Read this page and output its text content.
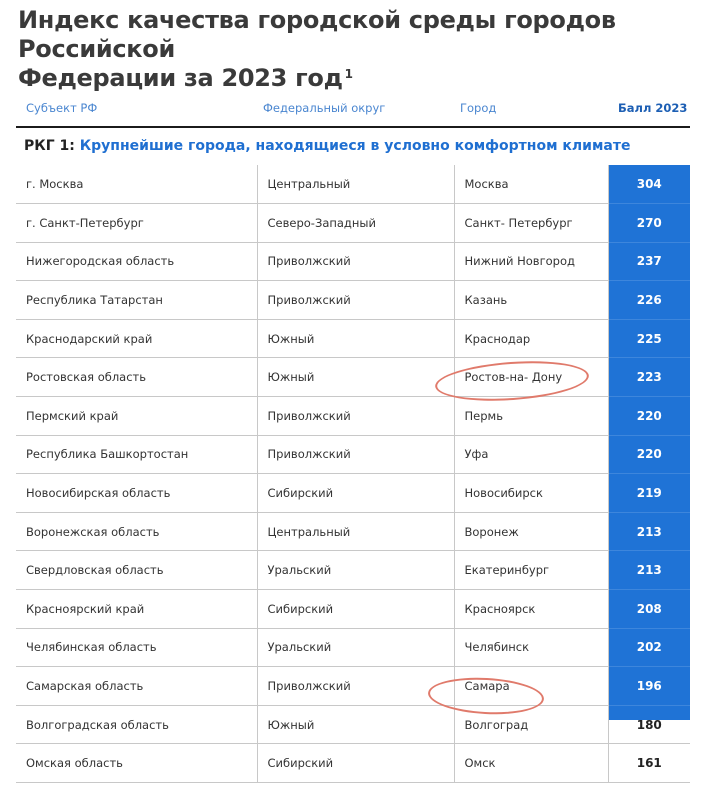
Индекс качества городской среды городов Российской
Федерации за 2023 год $^1$
Субъект РФ	Федеральный округ	Город	Балл 2023
РКГ 1: Крупнейшие города, находящиеся в условно комфортном климате
г. Москва	Центральный	Москва	304
г. Санкт-Петербург	Северо-Западный	Санкт- Петербург	270
Нижегородская область	Приволжский	Нижний Новгород	237
Республика Татарстан	Приволжский	Казань	226
Краснодарский край	Южный	Краснодар	225
Ростовская область	Южный	Ростов-на- Дону	223
Пермский край	Приволжский	Пермь	220
Республика Башкортостан	Приволжский	Уфа	220
Новосибирская область	Сибирский	Новосибирск	219
Воронежская область	Центральный	Воронеж	213
Свердловская область	Уральский	Екатеринбург	213
Красноярский край	Сибирский	Красноярск	208
Челябинская область	Уральский	Челябинск	202
Самарская область	Приволжский	Самара	196
Волгоградская область	Южный	Волгоград	180
Омская область	Сибирский	Омск	161
